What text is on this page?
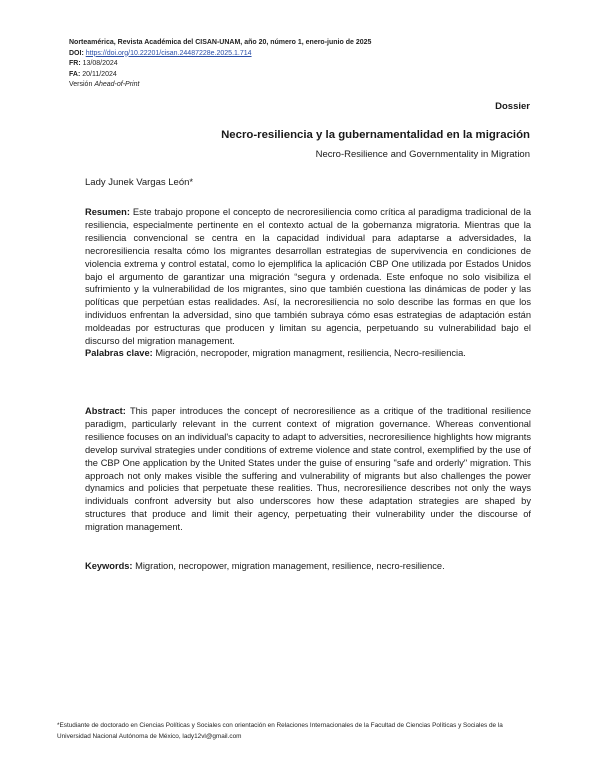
Norteamérica, Revista Académica del CISAN-UNAM, año 20, número 1, enero-junio de 2025
DOI: https://doi.org/10.22201/cisan.24487228e.2025.1.714
FR: 13/08/2024
FA: 20/11/2024
Versión Ahead-of-Print
Dossier
Necro-resiliencia y la gubernamentalidad en la migración
Necro-Resilience and Governmentality in Migration
Lady Junek Vargas León*
Resumen: Este trabajo propone el concepto de necroresiliencia como crítica al paradigma tradicional de la resiliencia, especialmente pertinente en el contexto actual de la gobernanza migratoria. Mientras que la resiliencia convencional se centra en la capacidad individual para adaptarse a adversidades, la necroresiliencia resalta cómo los migrantes desarrollan estrategias de supervivencia en condiciones de violencia extrema y control estatal, como lo ejemplifica la aplicación CBP One utilizada por Estados Unidos bajo el argumento de garantizar una migración “segura y ordenada. Este enfoque no solo visibiliza el sufrimiento y la vulnerabilidad de los migrantes, sino que también cuestiona las dinámicas de poder y las políticas que perpetúan estas realidades. Así, la necroresiliencia no solo describe las formas en que los individuos enfrentan la adversidad, sino que también subraya cómo esas estrategias de adaptación están moldeadas por estructuras que producen y limitan su agencia, perpetuando su vulnerabilidad bajo el discurso del migration management.
Palabras clave: Migración, necropoder, migration managment, resiliencia, Necro-resiliencia.
Abstract: This paper introduces the concept of necroresilience as a critique of the traditional resilience paradigm, particularly relevant in the current context of migration governance. Whereas conventional resilience focuses on an individual's capacity to adapt to adversities, necroresilience highlights how migrants develop survival strategies under conditions of extreme violence and state control, exemplified by the use of the CBP One application by the United States under the guise of ensuring "safe and orderly" migration. This approach not only makes visible the suffering and vulnerability of migrants but also challenges the power dynamics and policies that perpetuate these realities. Thus, necroresilience describes not only the ways individuals confront adversity but also underscores how these adaptation strategies are shaped by structures that produce and limit their agency, perpetuating their vulnerability under the discourse of migration management.
Keywords: Migration, necropower, migration management, resilience, necro-resilience.
*Estudiante de doctorado en Ciencias Políticas y Sociales con orientación en Relaciones Internacionales de la Facultad de Ciencias Políticas y Sociales de la Universidad Nacional Autónoma de México, lady12vl@gmail.com
